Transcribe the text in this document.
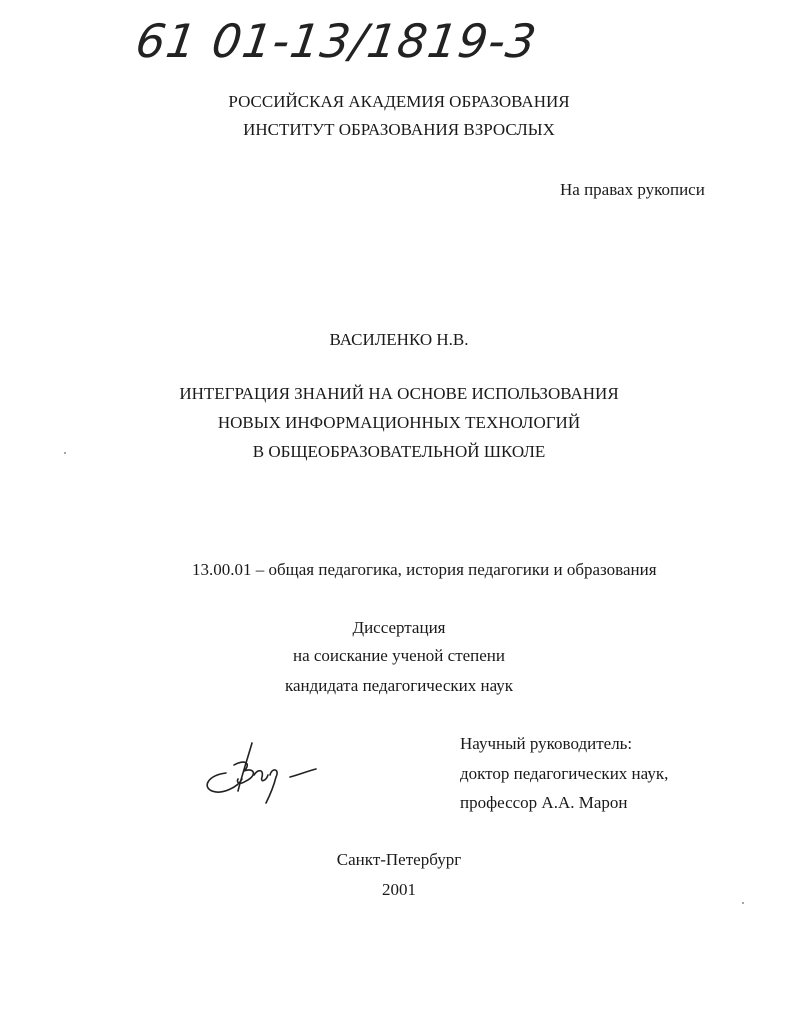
61 01-13/1819-3
РОССИЙСКАЯ АКАДЕМИЯ ОБРАЗОВАНИЯ
ИНСТИТУТ ОБРАЗОВАНИЯ ВЗРОСЛЫХ
На правах рукописи
ВАСИЛЕНКО Н.В.
ИНТЕГРАЦИЯ ЗНАНИЙ НА ОСНОВЕ ИСПОЛЬЗОВАНИЯ
НОВЫХ ИНФОРМАЦИОННЫХ ТЕХНОЛОГИЙ
В ОБЩЕОБРАЗОВАТЕЛЬНОЙ ШКОЛЕ
13.00.01 – общая педагогика, история педагогики и образования
Диссертация
на соискание ученой степени
кандидата педагогических наук
Научный руководитель:
доктор педагогических наук,
профессор А.А. Марон
Санкт-Петербург
2001
